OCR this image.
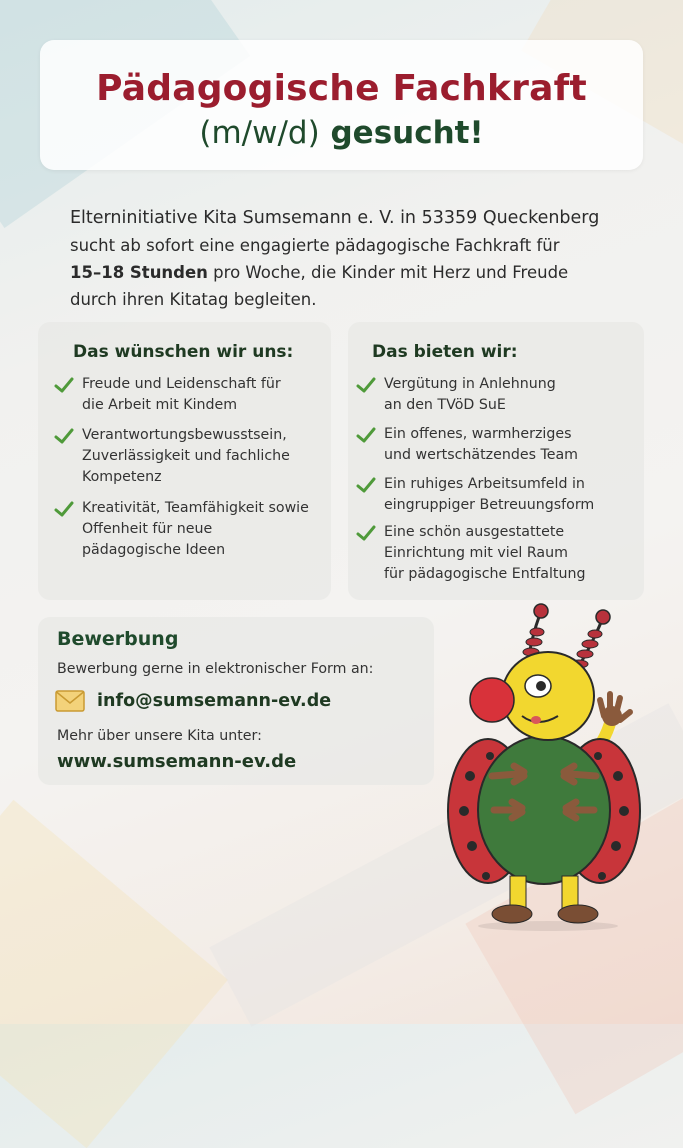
Pädagogische Fachkraft
(m/w/d) gesucht!
Elterninitiative Kita Sumsemann e. V. in 53359 Queckenberg
sucht ab sofort eine engagierte pädagogische Fachkraft für
15–18 Stunden pro Woche, die Kinder mit Herz und Freude
durch ihren Kitatag begleiten.
Das wünschen wir uns:
Freude und Leidenschaft für
die Arbeit mit Kindem
Verantwortungsbewusstsein,
Zuverlässigkeit und fachliche
Kompetenz
Kreativität, Teamfähigkeit sowie
Offenheit für neue
pädagogische Ideen
Das bieten wir:
Vergütung in Anlehnung
an den TVöD SuE
Ein offenes, warmherziges
und wertschätzendes Team
Ein ruhiges Arbeitsumfeld in
eingruppiger Betreuungsform
Eine schön ausgestattete
Einrichtung mit viel Raum
für pädagogische Entfaltung
Bewerbung
Bewerbung gerne in elektronischer Form an:
info@sumsemann-ev.de
Mehr über unsere Kita unter:
www.sumsemann-ev.de
